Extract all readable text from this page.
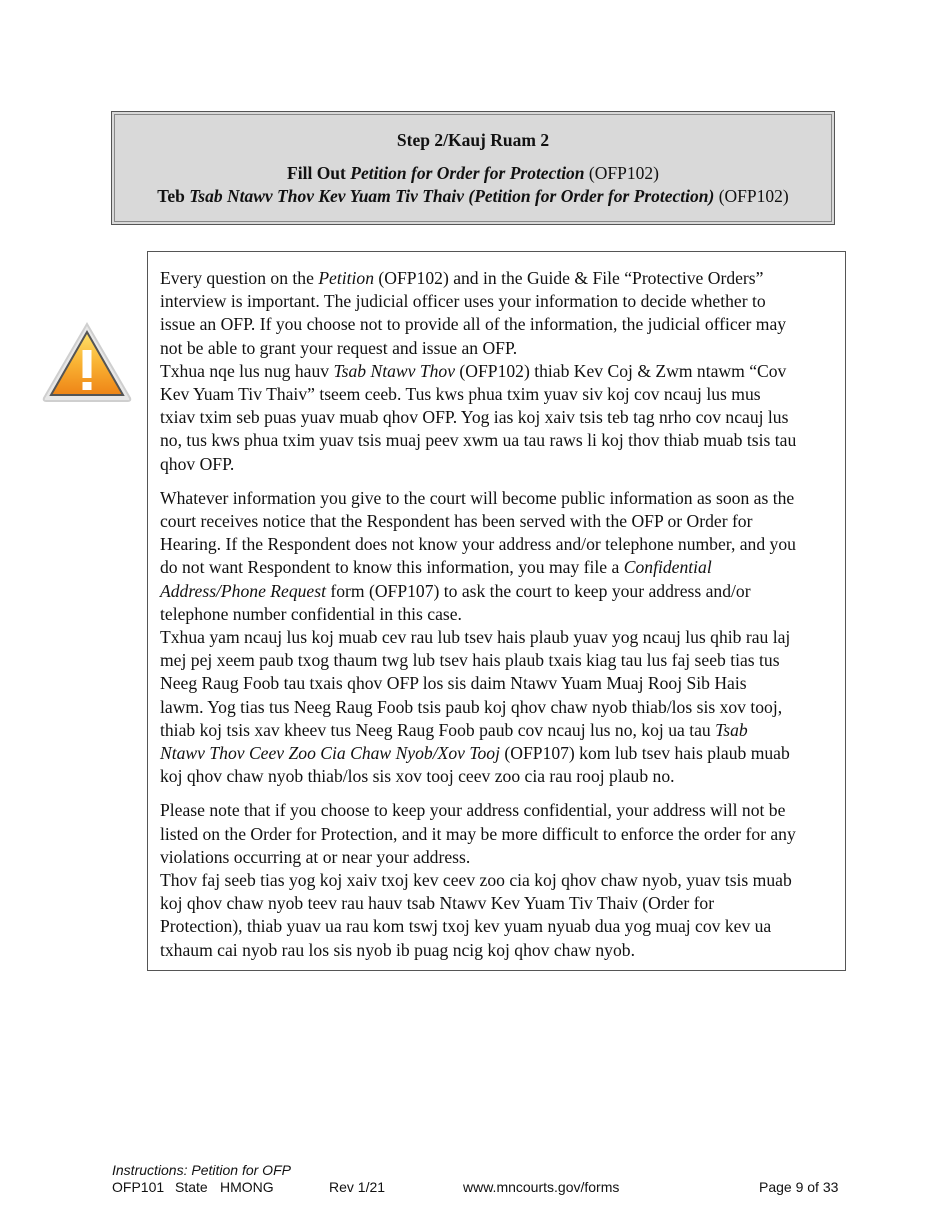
Step 2/Kauj Ruam 2
Fill Out Petition for Order for Protection (OFP102)
Teb Tsab Ntawv Thov Kev Yuam Tiv Thaiv (Petition for Order for Protection) (OFP102)

Every question on the Petition (OFP102) and in the Guide & File “Protective Orders”
interview is important. The judicial officer uses your information to decide whether to
issue an OFP. If you choose not to provide all of the information, the judicial officer may
not be able to grant your request and issue an OFP.

Txhua nqe lus nug hauv Tsab Ntawv Thov (OFP102) thiab Kev Coj & Zwm ntawm “Cov
Kev Yuam Tiv Thaiv” tseem ceeb. Tus kws phua txim yuav siv koj cov ncauj lus mus
txiav txim seb puas yuav muab qhov OFP. Yog ias koj xaiv tsis teb tag nrho cov ncauj lus
no, tus kws phua txim yuav tsis muaj peev xwm ua tau raws li koj thov thiab muab tsis tau
qhov OFP.

Whatever information you give to the court will become public information as soon as the
court receives notice that the Respondent has been served with the OFP or Order for
Hearing. If the Respondent does not know your address and/or telephone number, and you
do not want Respondent to know this information, you may file a Confidential
Address/Phone Request form (OFP107) to ask the court to keep your address and/or
telephone number confidential in this case.

Txhua yam ncauj lus koj muab cev rau lub tsev hais plaub yuav yog ncauj lus qhib rau laj
mej pej xeem paub txog thaum twg lub tsev hais plaub txais kiag tau lus faj seeb tias tus
Neeg Raug Foob tau txais qhov OFP los sis daim Ntawv Yuam Muaj Rooj Sib Hais
lawm. Yog tias tus Neeg Raug Foob tsis paub koj qhov chaw nyob thiab/los sis xov tooj,
thiab koj tsis xav kheev tus Neeg Raug Foob paub cov ncauj lus no, koj ua tau Tsab
Ntawv Thov Ceev Zoo Cia Chaw Nyob/Xov Tooj (OFP107) kom lub tsev hais plaub muab
koj qhov chaw nyob thiab/los sis xov tooj ceev zoo cia rau rooj plaub no.

Please note that if you choose to keep your address confidential, your address will not be
listed on the Order for Protection, and it may be more difficult to enforce the order for any
violations occurring at or near your address.

Thov faj seeb tias yog koj xaiv txoj kev ceev zoo cia koj qhov chaw nyob, yuav tsis muab
koj qhov chaw nyob teev rau hauv tsab Ntawv Kev Yuam Tiv Thaiv (Order for
Protection), thiab yuav ua rau kom tswj txoj kev yuam nyuab dua yog muaj cov kev ua
txhaum cai nyob rau los sis nyob ib puag ncig koj qhov chaw nyob.

Instructions: Petition for OFP
OFP101 State HMONG	Rev 1/21	www.mncourts.gov/forms	Page 9 of 33
